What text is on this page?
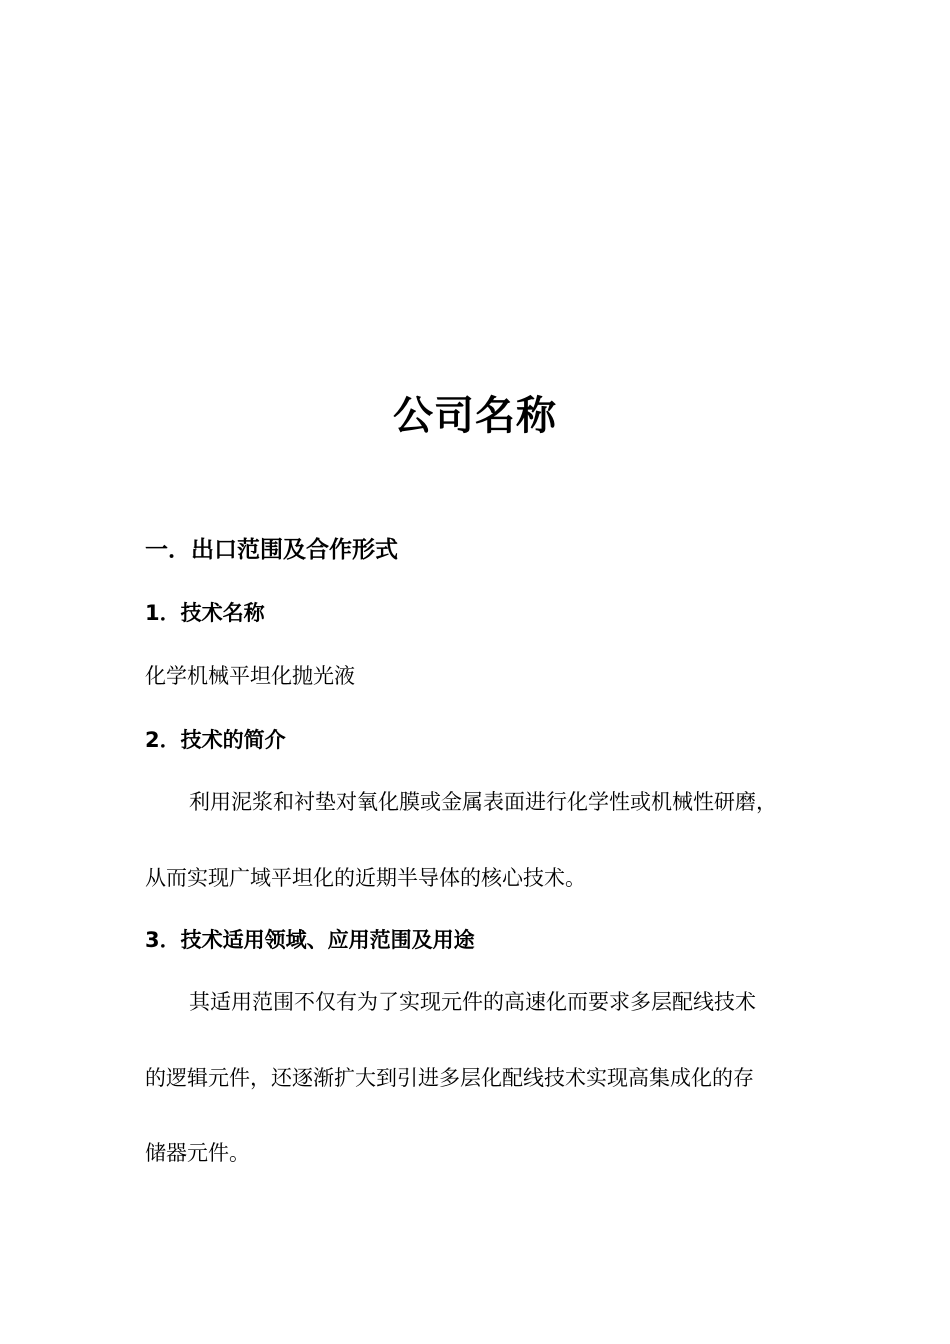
公司名称
一．出口范围及合作形式
1．技术名称
化学机械平坦化抛光液
2．技术的简介
利用泥浆和衬垫对氧化膜或金属表面进行化学性或机械性研磨，
从而实现广域平坦化的近期半导体的核心技术。
3．技术适用领域、应用范围及用途
其适用范围不仅有为了实现元件的高速化而要求多层配线技术
的逻辑元件，还逐渐扩大到引进多层化配线技术实现高集成化的存
储器元件。
